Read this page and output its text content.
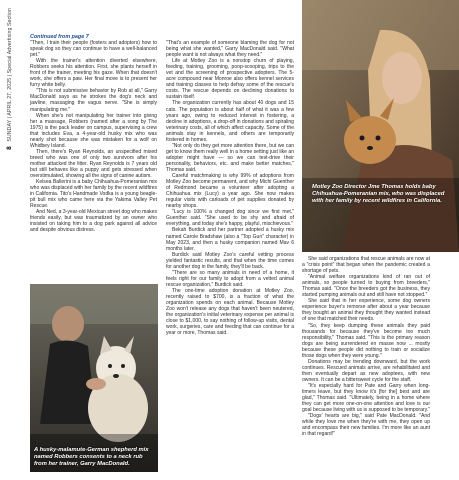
8 SUNDAY | APRIL 27, 2025 | Special Advertising Section	Continued from page 7

"Then, I train their people (fosters and adopters) how to speak dog so they can continue to have a well-balanced pet."

With the trainer's attention diverted elsewhere, Robbers seeks his attention. First, she plants herself in front of the trainer, meeting his gaze. When that doesn't work, she offers a paw. Her final move is to present her furry white belly.

"This is not submissive behavior by Rob at all," Garry MacDonald says as he strokes the dog's neck and jawline, massaging the vagus nerve. "She is simply manipulating me."

When she's not manipulating her trainer into giving her a massage, Robbers (named after a song by The 1975) is the pack leader on campus, supervising a crew that includes Eva, a 4-year-old husky mix who was nearly shot because she was mistaken for a wolf on Whidbey Island.

Then, there's Ryan Reynolds, an unspecified mixed breed who was one of only two survivors after his mother attacked the litter. Ryan Reynolds is 7 years old but still behaves like a puppy and gets stressed when overstimulated, showing all the signs of canine autism.

Kelsea Ballerini is a baby Chihuahua-Pomeranian mix who was displaced with her family by the recent wildfires in California. Tito's Handmade Vodka is a young beagle-pit bull mix who came here via the Yakima Valley Pet Rescue.

And Ned, a 3-year-old Mexican street dog who makes friends easily, but was traumatized by an owner who insisted on taking him to a dog park against all advice and despite obvious distress.

A husky-malamute-German shepherd mix named Robbers consents to a neck rub from her trainer, Garry MacDonald.

"That's an example of someone blaming the dog for not being what she wanted," Garry MacDonald said. "What people want is not always what they need."

Life at Motley Zoo is a nonstop churn of playing, feeding, training, grooming, poop-scooping, trips to the vet and the screening of prospective adopters. The 5-acre compound near Monroe also offers kennel services and training classes to help defray some of the rescue's costs. The rescue depends on declining donations to sustain itself.

The organization currently has about 40 dogs and 15 cats. The population is about half of what it was a few years ago, owing to reduced interest in fostering, a decline in adoptions, a drop-off in donations and spiraling veterinary costs, all of which affect capacity. Some of the animals stay in kennels, and others are temporarily fostered in homes.

"Not only do they get more attention there, but we can get to know them really well in a home setting just like an adopter might have — so we can test-drive their personality, behaviors, etc. and make better matches," Thomas said.

Careful matchmaking is why 99% of adoptions from Motley Zoo become permanent, and why Michi Guenther of Redmond became a volunteer after adopting a Chihuahua mix (Lucy) a year ago. She now makes regular visits with carloads of pet supplies donated by nearby shops.

"Lucy is 100% a changed dog since we first met," Guenther said. "She used to be shy and afraid of everything, and today she's happy, playful, mischievous."

Bekah Burdick and her partner adopted a husky mix named Carole Bradshaw (also a "Top Gun" character) in May 2023, and then a husky companion named Mav 6 months later.

Burdick said Motley Zoo's careful vetting process yielded fantastic results, and that when the time comes for another dog in the family, they'll be back.

"There are so many animals in need of a home, it feels right for our family to adopt from a vetted animal rescue organization," Burdick said.

The one-time adoption donation at Motley Zoo, recently raised to $700, is a fraction of what the organization spends on each animal. Because Motley Zoo won't release any dogs that haven't been neutered, the organization's initial veterinary expense per animal is close to $1,000, to say nothing of follow-up visits, dental work, surgeries, care and feeding that can continue for a year or more, Thomas said.

Motley Zoo Director Jme Thomas holds baby Chihuahua-Pomeranian mix, who was displaced with her family by recent wildfires in California.

She said organizations that rescue animals are now at a "crisis point" that began when the pandemic created a shortage of pets.

"Animal welfare organizations kind of ran out of animals, so people turned to buying from breeders," Thomas said. "Once the breeders got the business, they started pumping animals out and still have not stopped."

She said that in her experience, some dog owners experience buyer's remorse after about a year because they bought an animal they thought they wanted instead of one that matched their needs.

"So, they keep dumping these animals they paid thousands for because they've become too much responsibility," Thomas said. "This is the primary reason dogs are being surrendered en masse now ... mostly because these people did nothing to train or socialize those dogs when they were young."

Donations may be trending downward, but the work continues. Rescued animals arrive, are rehabilitated and then eventually depart as new adoptees, with new owners. It can be a bittersweet cycle for the staff.

"It's especially hard for Pate and Garry when long-timers leave, but they know it's [for the] best and are glad," Thomas said. "Ultimately, being in a home where they can get more one-on-one attention and love is our goal because living with us is supposed to be temporary."

"Dogs' hearts are big," said Pate MacDonald. "And while they love me when they're with me, they open up and encompass their new families. I'm more like an aunt in that regard!"
